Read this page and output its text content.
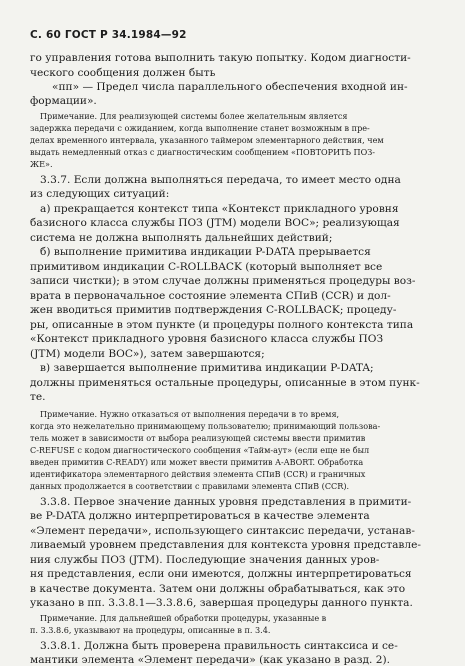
С. 60 ГОСТ Р 34.1984—92
го управления готова выполнить такую попытку. Кодом диагности-
ческого сообщения должен быть
«пп» — Предел числа параллельного обеспечения входной ин-
формации».
Примечание. Для реализующей системы более желательным является
задержка передачи с ожиданием, когда выполнение станет возможным в пре-
делах временного интервала, указанного таймером элементарного действия, чем
выдать немедленный отказ с диагностическим сообщением «ПОВТОРИТЬ ПОЗ-
ЖЕ».
3.3.7. Если должна выполняться передача, то имеет место одна
из следующих ситуаций:
а) прекращается контекст типа «Контекст прикладного уровня
базисного класса службы ПОЗ (JTM) модели ВОС»; реализующая
система не должна выполнять дальнейших действий;
б) выполнение примитива индикации P-DATA прерывается
примитивом индикации C-ROLLBACK (который выполняет все
записи чистки); в этом случае должны применяться процедуры воз-
врата в первоначальное состояние элемента СПиВ (CCR) и дол-
жен вводиться примитив подтверждения C-ROLLBACK; процеду-
ры, описанные в этом пункте (и процедуры полного контекста типа
«Контекст прикладного уровня базисного класса службы ПОЗ
(JTM) модели ВОС»), затем завершаются;
в) завершается выполнение примитива индикации P-DATA;
должны применяться остальные процедуры, описанные в этом пунк-
те.
Примечание. Нужно отказаться от выполнения передачи в то время,
когда это нежелательно принимающему пользователю; принимающий пользова-
тель может в зависимости от выбора реализующей системы ввести примитив
C-REFUSE с кодом диагностического сообщения «Тайм-аут» (если еще не был
введен примитив C-READY) или может ввести примитив A-ABORT. Обработка
идентификатора элементарного действия элемента СПиВ (CCR) и граничных
данных продолжается в соответствии с правилами элемента СПиВ (CCR).
3.3.8. Первое значение данных уровня представления в примити-
ве P-DATA должно интерпретироваться в качестве элемента
«Элемент передачи», использующего синтаксис передачи, устанав-
ливаемый уровнем представления для контекста уровня представле-
ния службы ПОЗ (JTM). Последующие значения данных уров-
ня представления, если они имеются, должны интерпретироваться
в качестве документа. Затем они должны обрабатываться, как это
указано в пп. 3.3.8.1—3.3.8.6, завершая процедуры данного пункта.
Примечание. Для дальнейшей обработки процедуры, указанные в
п. 3.3.8.6, указывают на процедуры, описанные в п. 3.4.
3.3.8.1. Должна быть проверена правильность синтаксиса и се-
мантики элемента «Элемент передачи» (как указано в разд. 2).
